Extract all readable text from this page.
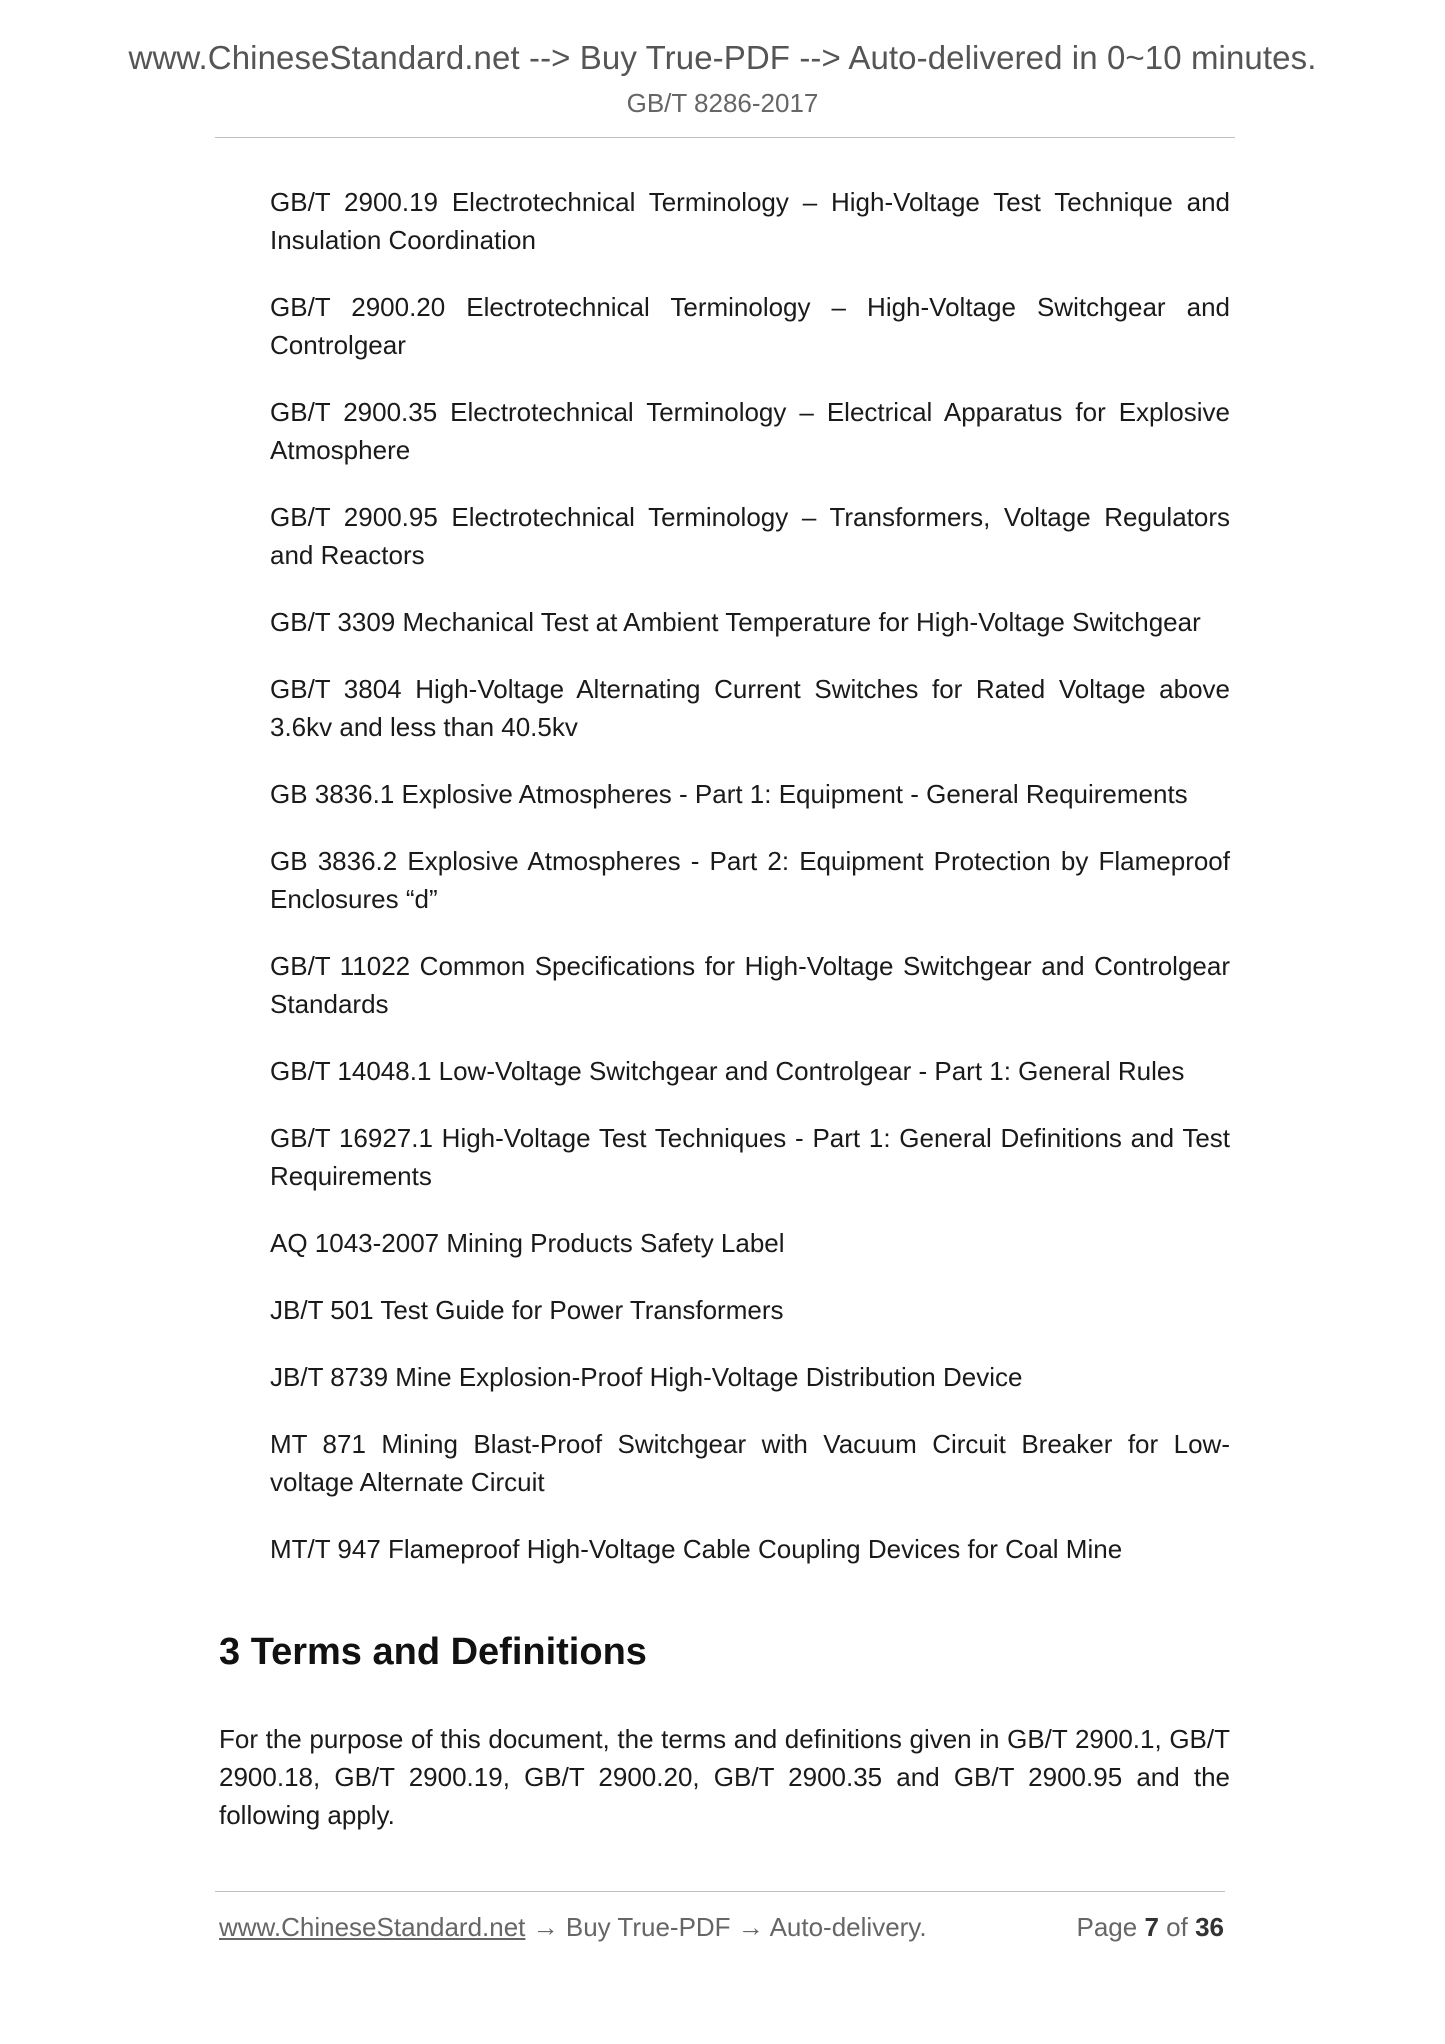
www.ChineseStandard.net --> Buy True-PDF --> Auto-delivered in 0~10 minutes.
GB/T 8286-2017
GB/T 2900.19 Electrotechnical Terminology – High-Voltage Test Technique and Insulation Coordination
GB/T 2900.20 Electrotechnical Terminology – High-Voltage Switchgear and Controlgear
GB/T 2900.35 Electrotechnical Terminology – Electrical Apparatus for Explosive Atmosphere
GB/T 2900.95 Electrotechnical Terminology – Transformers, Voltage Regulators and Reactors
GB/T 3309 Mechanical Test at Ambient Temperature for High-Voltage Switchgear
GB/T 3804 High-Voltage Alternating Current Switches for Rated Voltage above 3.6kv and less than 40.5kv
GB 3836.1 Explosive Atmospheres - Part 1: Equipment - General Requirements
GB 3836.2 Explosive Atmospheres - Part 2: Equipment Protection by Flameproof Enclosures “d”
GB/T 11022 Common Specifications for High-Voltage Switchgear and Controlgear Standards
GB/T 14048.1 Low-Voltage Switchgear and Controlgear - Part 1: General Rules
GB/T 16927.1 High-Voltage Test Techniques - Part 1: General Definitions and Test Requirements
AQ 1043-2007 Mining Products Safety Label
JB/T 501 Test Guide for Power Transformers
JB/T 8739 Mine Explosion-Proof High-Voltage Distribution Device
MT 871 Mining Blast-Proof Switchgear with Vacuum Circuit Breaker for Low-voltage Alternate Circuit
MT/T 947 Flameproof High-Voltage Cable Coupling Devices for Coal Mine
3 Terms and Definitions

For the purpose of this document, the terms and definitions given in GB/T 2900.1, GB/T 2900.18, GB/T 2900.19, GB/T 2900.20, GB/T 2900.35 and GB/T 2900.95 and the following apply.

www.ChineseStandard.net → Buy True-PDF → Auto-delivery.	Page 7 of 36
